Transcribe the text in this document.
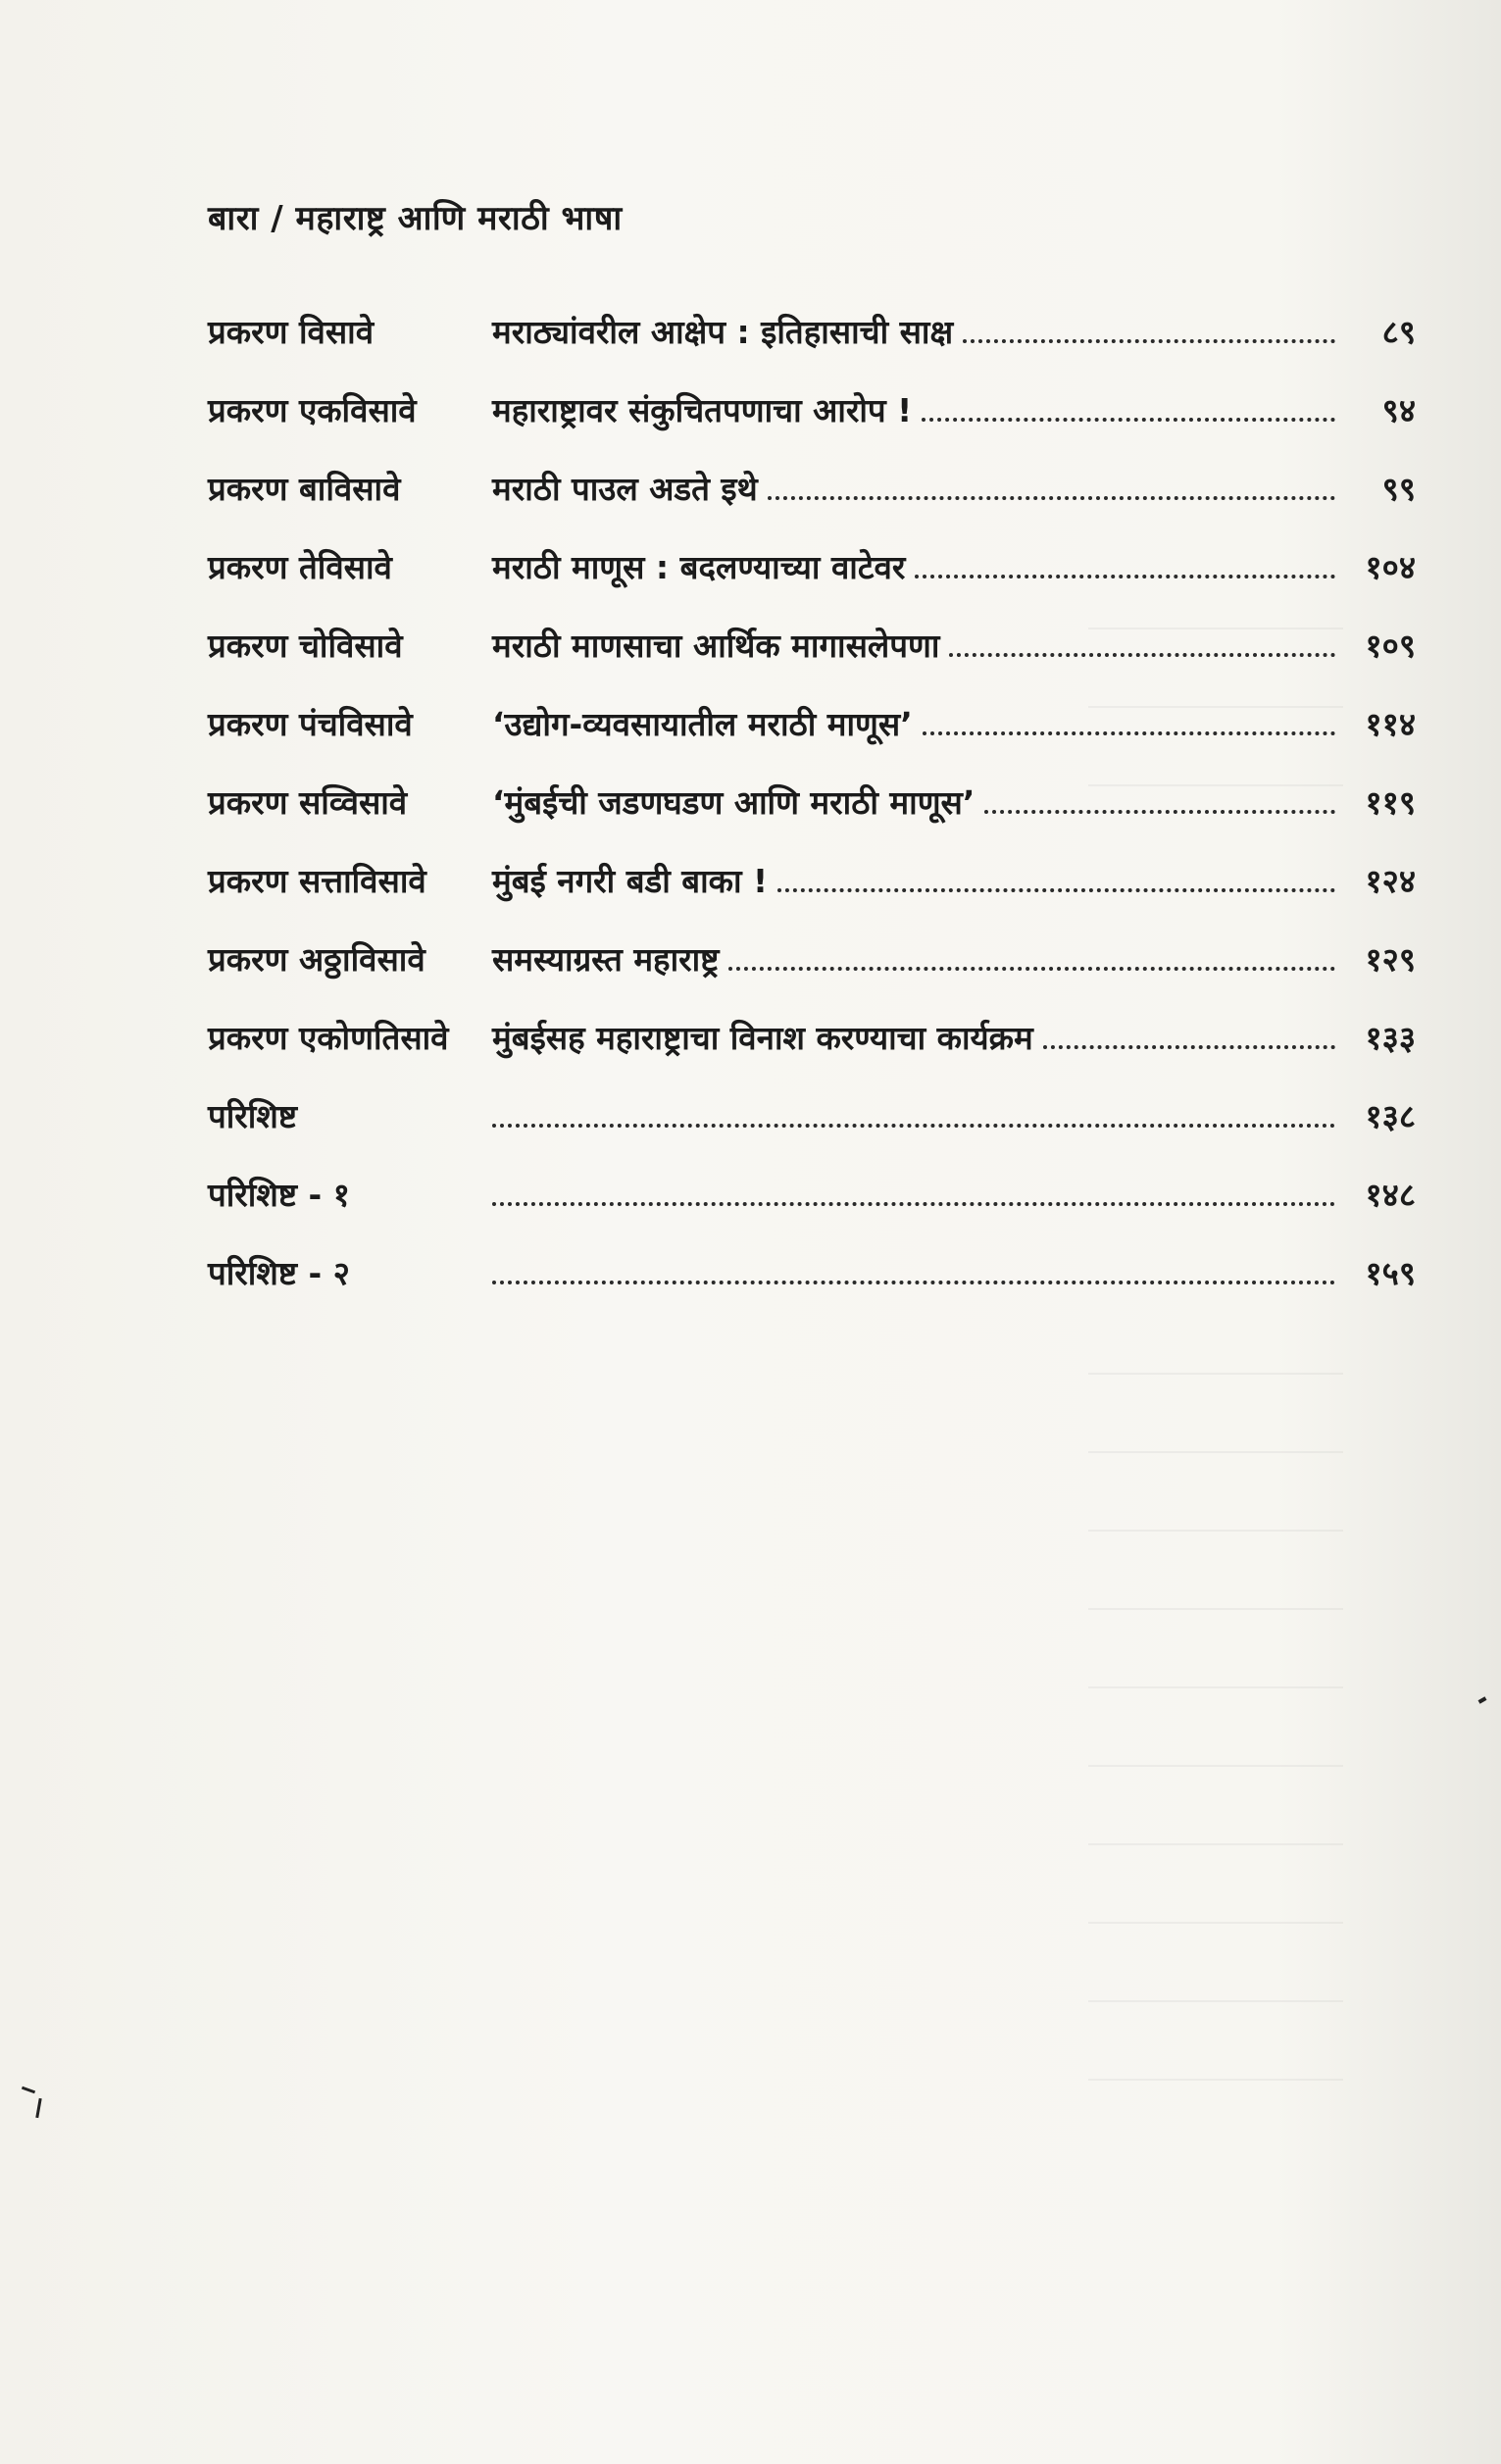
बारा / महाराष्ट्र आणि मराठी भाषा
प्रकरण विसावे	मराठ्यांवरील आक्षेप : इतिहासाची साक्ष	८९
प्रकरण एकविसावे	महाराष्ट्रावर संकुचितपणाचा आरोप !	९४
प्रकरण बाविसावे	मराठी पाउल अडते इथे	९९
प्रकरण तेविसावे	मराठी माणूस : बदलण्याच्या वाटेवर	१०४
प्रकरण चोविसावे	मराठी माणसाचा आर्थिक मागासलेपणा	१०९
प्रकरण पंचविसावे	‘उद्योग-व्यवसायातील मराठी माणूस’	११४
प्रकरण सव्विसावे	‘मुंबईची जडणघडण आणि मराठी माणूस’	११९
प्रकरण सत्ताविसावे	मुंबई नगरी बडी बाका !	१२४
प्रकरण अठ्ठाविसावे	समस्याग्रस्त महाराष्ट्र	१२९
प्रकरण एकोणतिसावे	मुंबईसह महाराष्ट्राचा विनाश करण्याचा कार्यक्रम	१३३
परिशिष्ट	१३८
परिशिष्ट - १	१४८
परिशिष्ट - २	१५९
